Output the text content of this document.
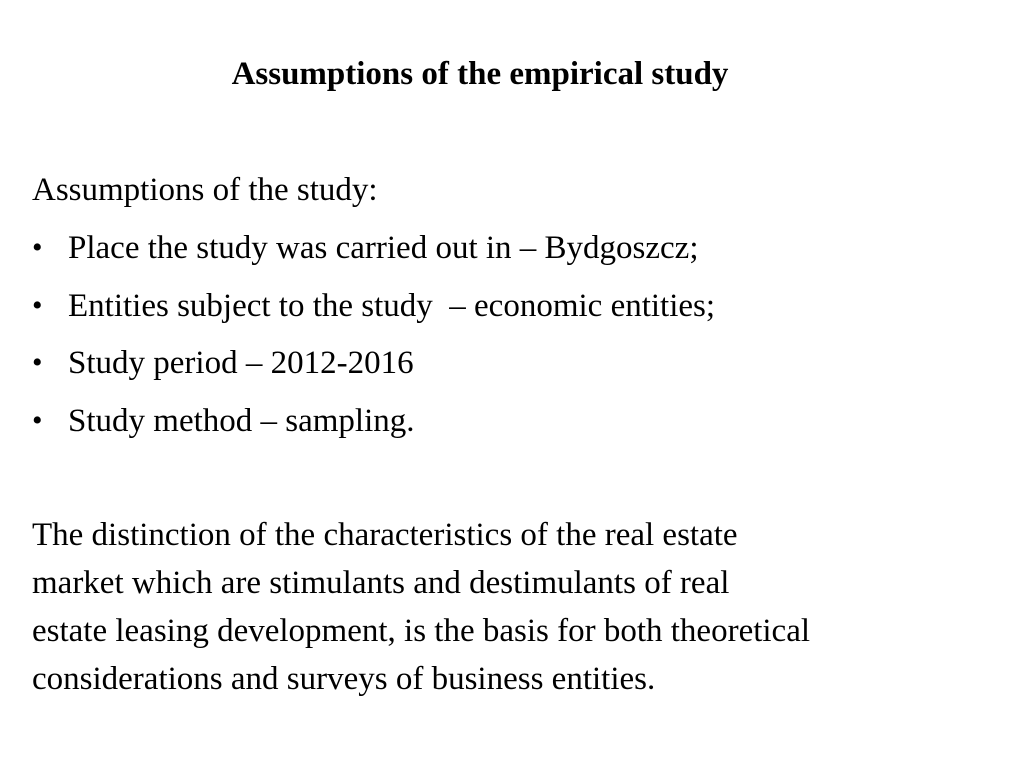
Assumptions of the empirical study
Assumptions of the study:
• Place the study was carried out in – Bydgoszcz;
• Entities subject to the study  – economic entities;
• Study period – 2012-2016
• Study method – sampling.

The distinction of the characteristics of the real estate
market which are stimulants and destimulants of real
estate leasing development, is the basis for both theoretical
considerations and surveys of business entities.
